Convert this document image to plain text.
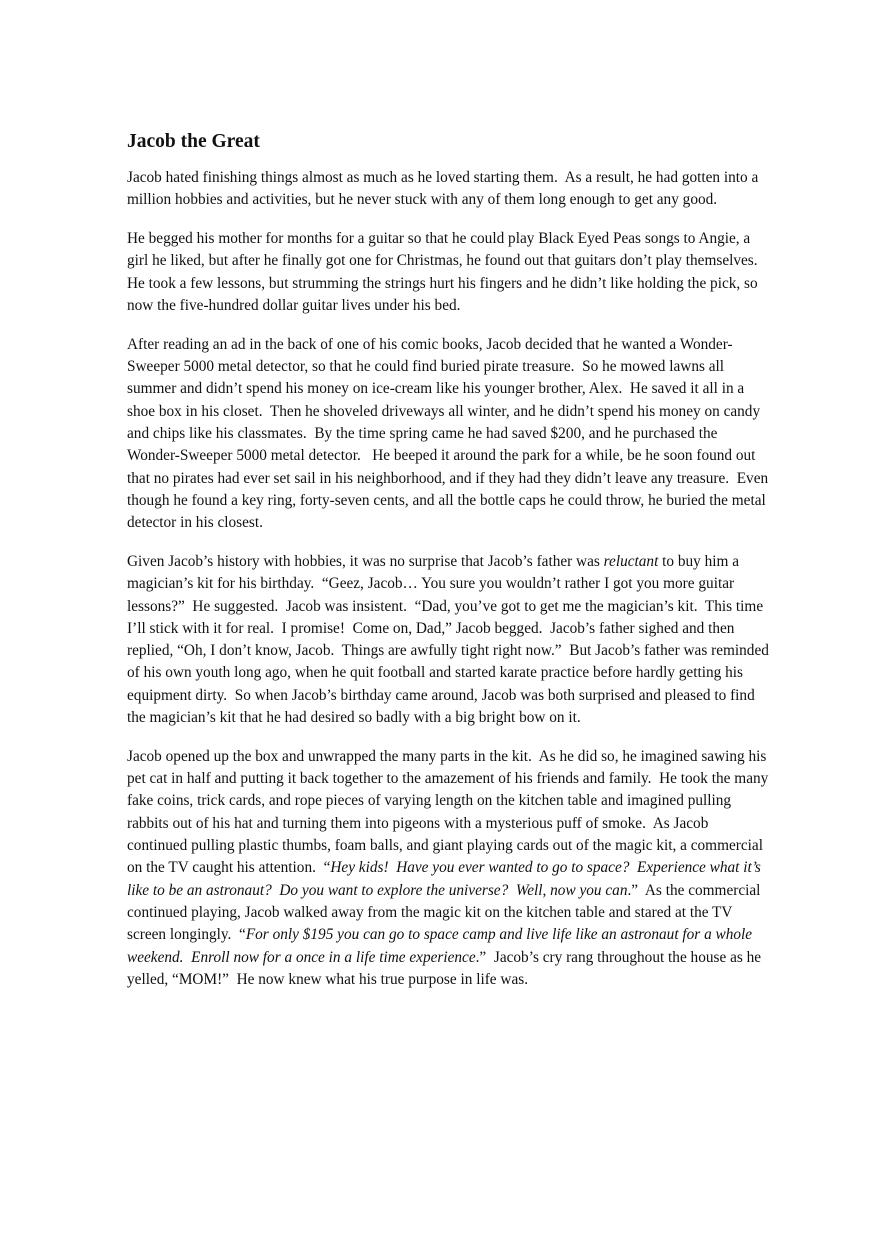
Jacob the Great
Jacob hated finishing things almost as much as he loved starting them.  As a result, he had gotten into a
million hobbies and activities, but he never stuck with any of them long enough to get any good.
He begged his mother for months for a guitar so that he could play Black Eyed Peas songs to Angie, a
girl he liked, but after he finally got one for Christmas, he found out that guitars don’t play themselves.
He took a few lessons, but strumming the strings hurt his fingers and he didn’t like holding the pick, so
now the five-hundred dollar guitar lives under his bed.
After reading an ad in the back of one of his comic books, Jacob decided that he wanted a Wonder-
Sweeper 5000 metal detector, so that he could find buried pirate treasure.  So he mowed lawns all
summer and didn’t spend his money on ice-cream like his younger brother, Alex.  He saved it all in a
shoe box in his closet.  Then he shoveled driveways all winter, and he didn’t spend his money on candy
and chips like his classmates.  By the time spring came he had saved $200, and he purchased the
Wonder-Sweeper 5000 metal detector.   He beeped it around the park for a while, be he soon found out
that no pirates had ever set sail in his neighborhood, and if they had they didn’t leave any treasure.  Even
though he found a key ring, forty-seven cents, and all the bottle caps he could throw, he buried the metal
detector in his closest.
Given Jacob’s history with hobbies, it was no surprise that Jacob’s father was reluctant to buy him a
magician’s kit for his birthday.  “Geez, Jacob… You sure you wouldn’t rather I got you more guitar
lessons?”  He suggested.  Jacob was insistent.  “Dad, you’ve got to get me the magician’s kit.  This time
I’ll stick with it for real.  I promise!  Come on, Dad,” Jacob begged.  Jacob’s father sighed and then
replied, “Oh, I don’t know, Jacob.  Things are awfully tight right now.”  But Jacob’s father was reminded
of his own youth long ago, when he quit football and started karate practice before hardly getting his
equipment dirty.  So when Jacob’s birthday came around, Jacob was both surprised and pleased to find
the magician’s kit that he had desired so badly with a big bright bow on it.
Jacob opened up the box and unwrapped the many parts in the kit.  As he did so, he imagined sawing his
pet cat in half and putting it back together to the amazement of his friends and family.  He took the many
fake coins, trick cards, and rope pieces of varying length on the kitchen table and imagined pulling
rabbits out of his hat and turning them into pigeons with a mysterious puff of smoke.  As Jacob
continued pulling plastic thumbs, foam balls, and giant playing cards out of the magic kit, a commercial
on the TV caught his attention.  “Hey kids!  Have you ever wanted to go to space?  Experience what it’s
like to be an astronaut?  Do you want to explore the universe?  Well, now you can.”  As the commercial
continued playing, Jacob walked away from the magic kit on the kitchen table and stared at the TV
screen longingly.  “For only $195 you can go to space camp and live life like an astronaut for a whole
weekend.  Enroll now for a once in a life time experience.”  Jacob’s cry rang throughout the house as he
yelled, “MOM!”  He now knew what his true purpose in life was.
